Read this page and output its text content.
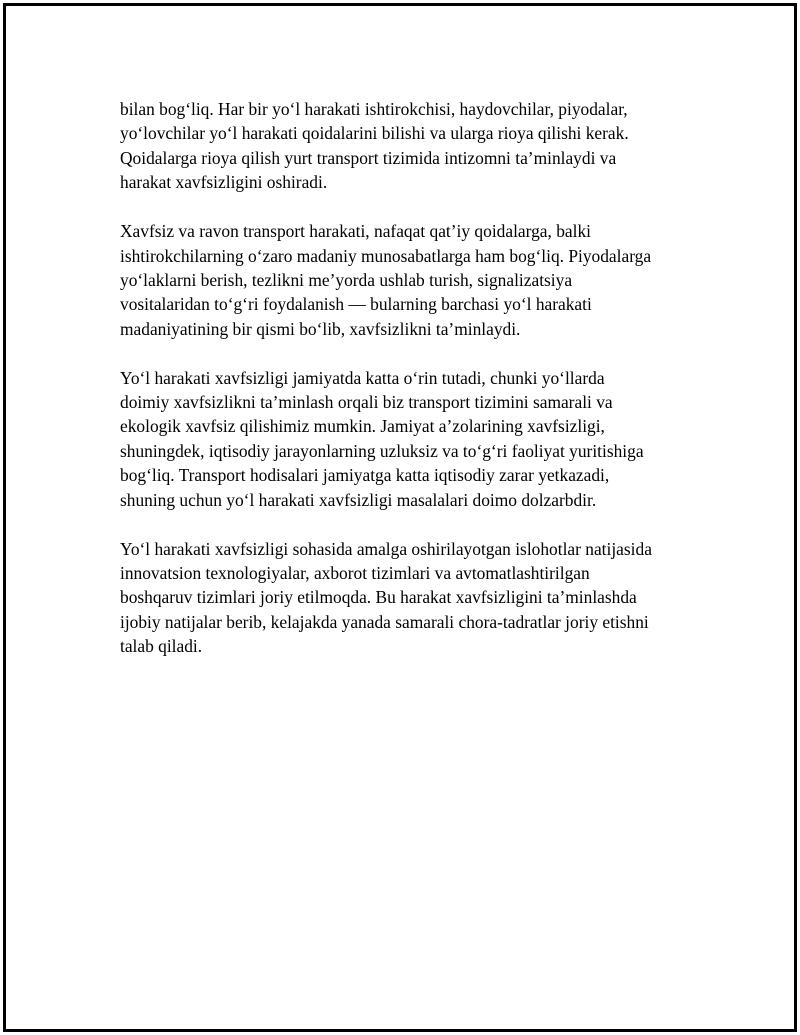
bilan bog‘liq. Har bir yo‘l harakati ishtirokchisi, haydovchilar, piyodalar,
yo‘lovchilar yo‘l harakati qoidalarini bilishi va ularga rioya qilishi kerak.
Qoidalarga rioya qilish yurt transport tizimida intizomni ta’minlaydi va
harakat xavfsizligini oshiradi.

Xavfsiz va ravon transport harakati, nafaqat qat’iy qoidalarga, balki
ishtirokchilarning o‘zaro madaniy munosabatlarga ham bog‘liq. Piyodalarga
yo‘laklarni berish, tezlikni me’yorda ushlab turish, signalizatsiya
vositalaridan to‘g‘ri foydalanish — bularning barchasi yo‘l harakati
madaniyatining bir qismi bo‘lib, xavfsizlikni ta’minlaydi.

Yo‘l harakati xavfsizligi jamiyatda katta o‘rin tutadi, chunki yo‘llarda
doimiy xavfsizlikni ta’minlash orqali biz transport tizimini samarali va
ekologik xavfsiz qilishimiz mumkin. Jamiyat a’zolarining xavfsizligi,
shuningdek, iqtisodiy jarayonlarning uzluksiz va to‘g‘ri faoliyat yuritishiga
bog‘liq. Transport hodisalari jamiyatga katta iqtisodiy zarar yetkazadi,
shuning uchun yo‘l harakati xavfsizligi masalalari doimo dolzarbdir.

Yo‘l harakati xavfsizligi sohasida amalga oshirilayotgan islohotlar natijasida
innovatsion texnologiyalar, axborot tizimlari va avtomatlashtirilgan
boshqaruv tizimlari joriy etilmoqda. Bu harakat xavfsizligini ta’minlashda
ijobiy natijalar berib, kelajakda yanada samarali chora-tadratlar joriy etishni
talab qiladi.
